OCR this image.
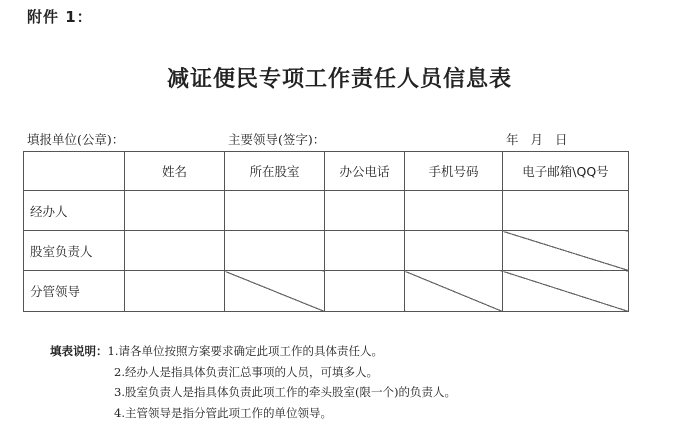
附件 1：
减证便民专项工作责任人员信息表
填报单位(公章)：	主要领导(签字)：	年 月 日
	姓名	所在股室	办公电话	手机号码	电子邮箱\QQ号
经办人					
股室负责人					
分管领导					
填表说明：1.请各单位按照方案要求确定此项工作的具体责任人。
2.经办人是指具体负责汇总事项的人员，可填多人。
3.股室负责人是指具体负责此项工作的牵头股室(限一个)的负责人。
4.主管领导是指分管此项工作的单位领导。
